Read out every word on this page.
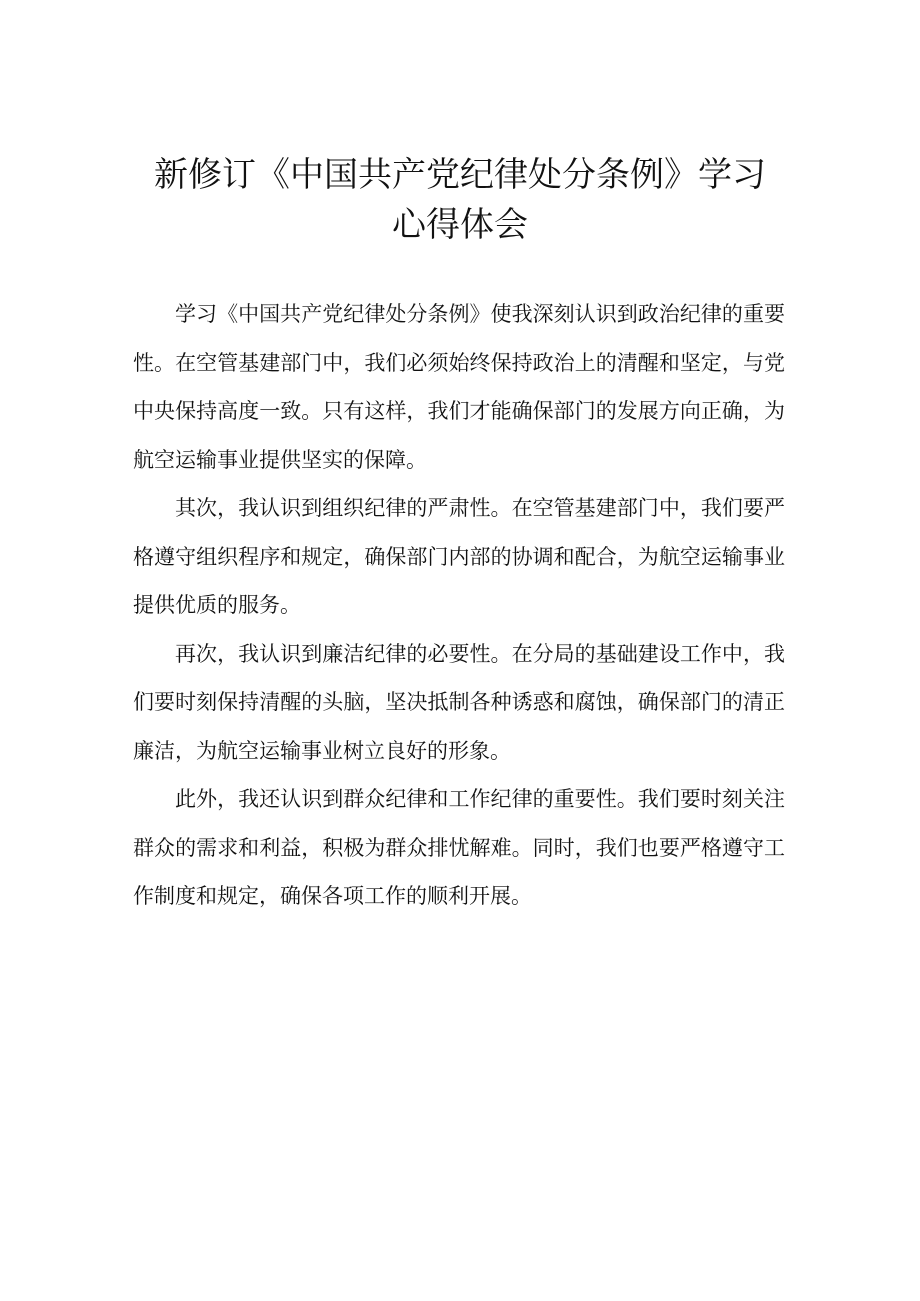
新修订《中国共产党纪律处分条例》学习
心得体会

学习《中国共产党纪律处分条例》使我深刻认识到政治纪律的重要性。在空管基建部门中，我们必须始终保持政治上的清醒和坚定，与党中央保持高度一致。只有这样，我们才能确保部门的发展方向正确，为航空运输事业提供坚实的保障。

其次，我认识到组织纪律的严肃性。在空管基建部门中，我们要严格遵守组织程序和规定，确保部门内部的协调和配合，为航空运输事业提供优质的服务。

再次，我认识到廉洁纪律的必要性。在分局的基础建设工作中，我们要时刻保持清醒的头脑，坚决抵制各种诱惑和腐蚀，确保部门的清正廉洁，为航空运输事业树立良好的形象。

此外，我还认识到群众纪律和工作纪律的重要性。我们要时刻关注群众的需求和利益，积极为群众排忧解难。同时，我们也要严格遵守工作制度和规定，确保各项工作的顺利开展。
